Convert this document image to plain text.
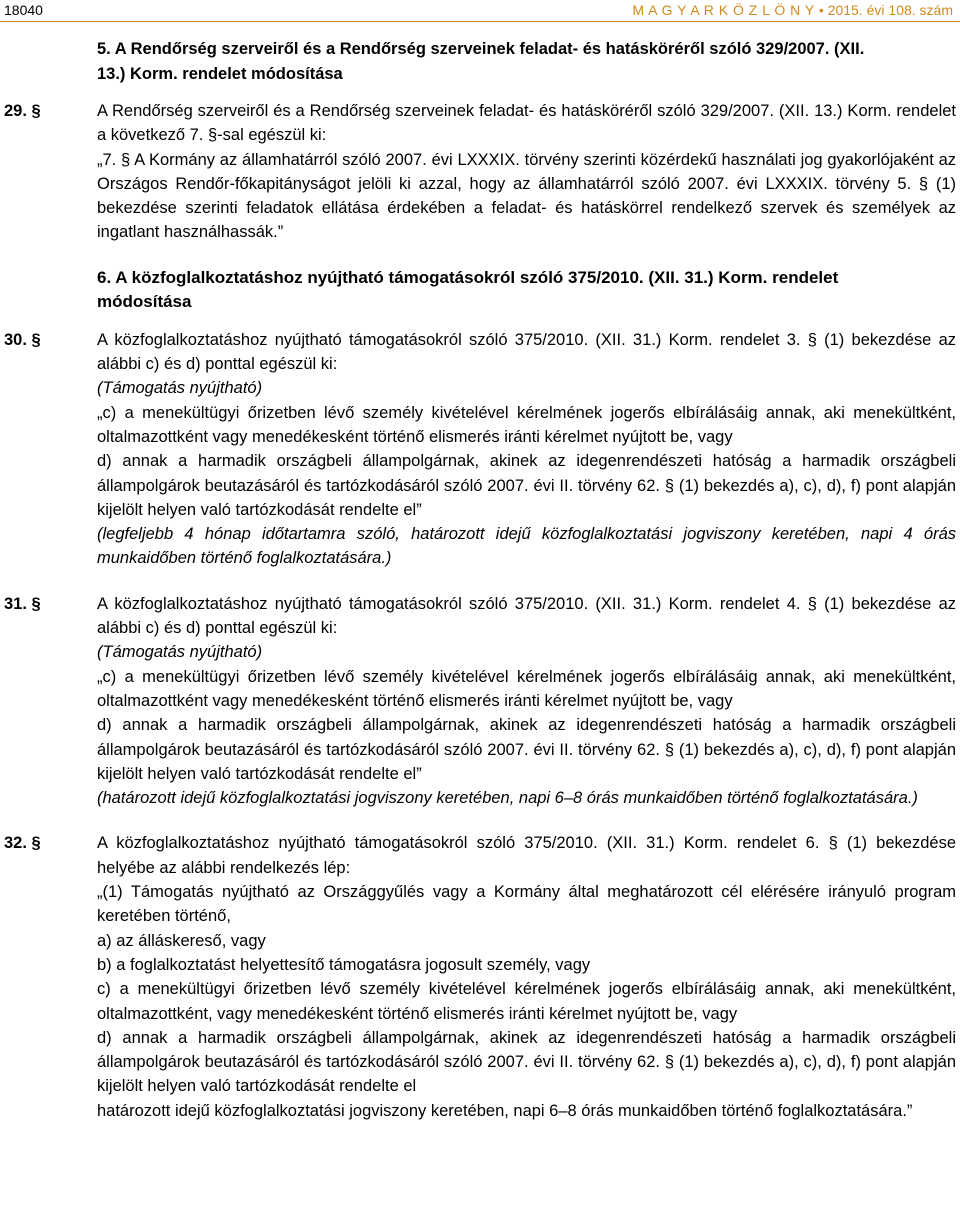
18040	M A G Y A R K Ö Z L Ö N Y • 2015. évi 108. szám
5. A Rendőrség szerveiről és a Rendőrség szerveinek feladat- és hatásköréről szóló 329/2007. (XII. 13.) Korm. rendelet módosítása
29. §	A Rendőrség szerveiről és a Rendőrség szerveinek feladat- és hatásköréről szóló 329/2007. (XII. 13.) Korm. rendelet a következő 7. §-sal egészül ki:

„7. § A Kormány az államhatárról szóló 2007. évi LXXXIX. törvény szerinti közérdekű használati jog gyakorlójaként az Országos Rendőr-főkapitányságot jelöli ki azzal, hogy az államhatárról szóló 2007. évi LXXXIX. törvény 5. § (1) bekezdése szerinti feladatok ellátása érdekében a feladat- és hatáskörrel rendelkező szervek és személyek az ingatlant használhassák.”

6. A közfoglalkoztatáshoz nyújtható támogatásokról szóló 375/2010. (XII. 31.) Korm. rendelet módosítása
30. §	A közfoglalkoztatáshoz nyújtható támogatásokról szóló 375/2010. (XII. 31.) Korm. rendelet 3. § (1) bekezdése az alábbi c) és d) ponttal egészül ki:

(Támogatás nyújtható)

„c) a menekültügyi őrizetben lévő személy kivételével kérelmének jogerős elbírálásáig annak, aki menekültként, oltalmazottként vagy menedékesként történő elismerés iránti kérelmet nyújtott be, vagy

d) annak a harmadik országbeli állampolgárnak, akinek az idegenrendészeti hatóság a harmadik országbeli állampolgárok beutazásáról és tartózkodásáról szóló 2007. évi II. törvény 62. § (1) bekezdés a), c), d), f) pont alapján kijelölt helyen való tartózkodását rendelte el”

(legfeljebb 4 hónap időtartamra szóló, határozott idejű közfoglalkoztatási jogviszony keretében, napi 4 órás munkaidőben történő foglalkoztatására.)

31. §	A közfoglalkoztatáshoz nyújtható támogatásokról szóló 375/2010. (XII. 31.) Korm. rendelet 4. § (1) bekezdése az alábbi c) és d) ponttal egészül ki:

(Támogatás nyújtható)

„c) a menekültügyi őrizetben lévő személy kivételével kérelmének jogerős elbírálásáig annak, aki menekültként, oltalmazottként vagy menedékesként történő elismerés iránti kérelmet nyújtott be, vagy

d) annak a harmadik országbeli állampolgárnak, akinek az idegenrendészeti hatóság a harmadik országbeli állampolgárok beutazásáról és tartózkodásáról szóló 2007. évi II. törvény 62. § (1) bekezdés a), c), d), f) pont alapján kijelölt helyen való tartózkodását rendelte el”

(határozott idejű közfoglalkoztatási jogviszony keretében, napi 6–8 órás munkaidőben történő foglalkoztatására.)

32. §	A közfoglalkoztatáshoz nyújtható támogatásokról szóló 375/2010. (XII. 31.) Korm. rendelet 6. § (1) bekezdése helyébe az alábbi rendelkezés lép:

„(1) Támogatás nyújtható az Országgyűlés vagy a Kormány által meghatározott cél elérésére irányuló program keretében történő,

a) az álláskereső, vagy

b) a foglalkoztatást helyettesítő támogatásra jogosult személy, vagy

c) a menekültügyi őrizetben lévő személy kivételével kérelmének jogerős elbírálásáig annak, aki menekültként, oltalmazottként, vagy menedékesként történő elismerés iránti kérelmet nyújtott be, vagy

d) annak a harmadik országbeli állampolgárnak, akinek az idegenrendészeti hatóság a harmadik országbeli állampolgárok beutazásáról és tartózkodásáról szóló 2007. évi II. törvény 62. § (1) bekezdés a), c), d), f) pont alapján kijelölt helyen való tartózkodását rendelte el

határozott idejű közfoglalkoztatási jogviszony keretében, napi 6–8 órás munkaidőben történő foglalkoztatására.”
